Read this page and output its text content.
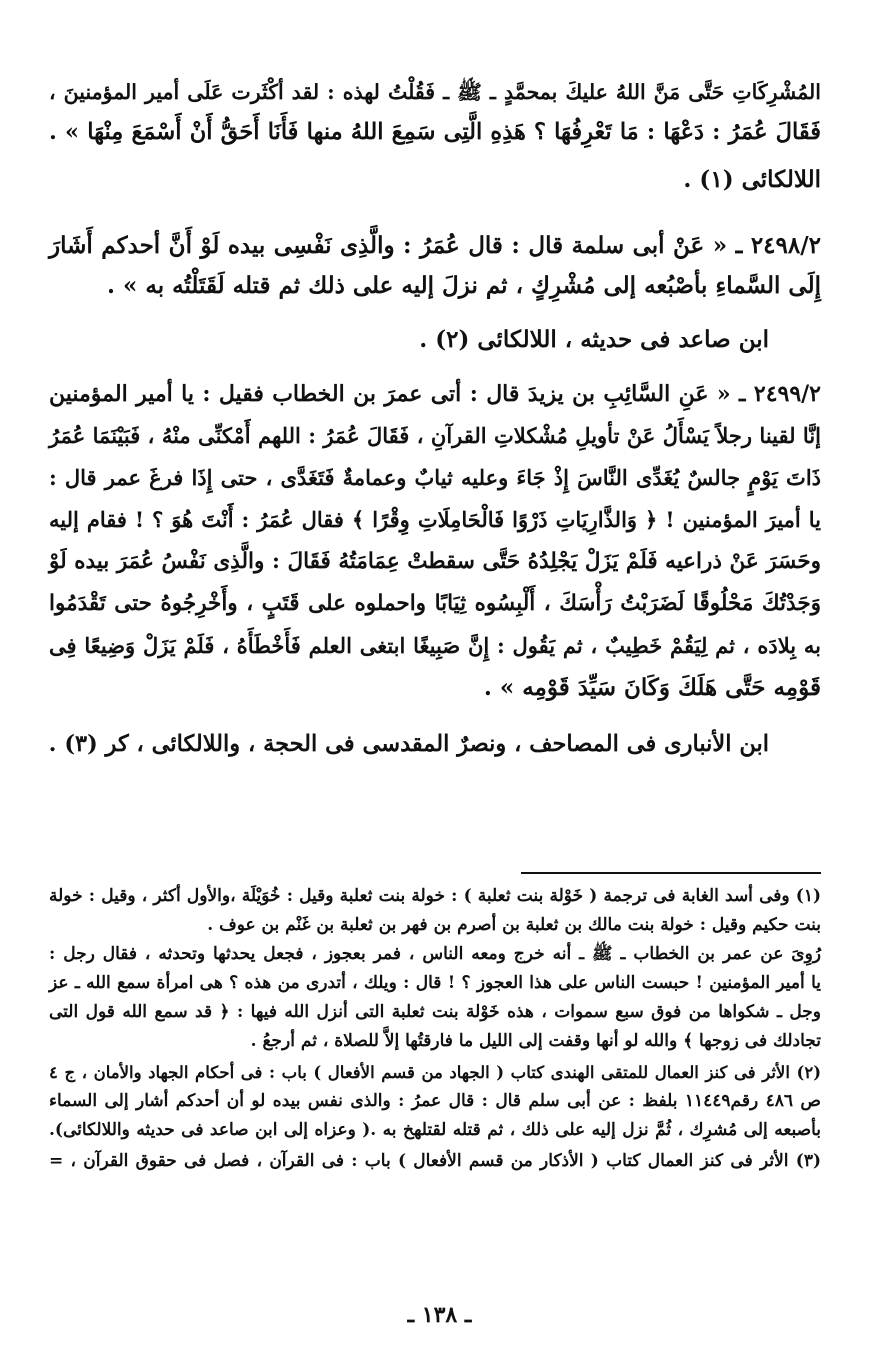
المُشْرِكَاتِ حَتَّى مَنَّ اللهُ عليكَ بمحمَّدٍ ـ ﷺ ـ فَقُلْتُ لهذه : لقد أكْثَرت عَلَى أمير المؤمنينَ ،
فَقَالَ عُمَرُ : دَعْهَا : مَا تَعْرِفُهَا ؟ هَذِهِ الَّتِى سَمِعَ اللهُ منها فَأَنَا أَحَقُّ أَنْ أَسْمَعَ مِنْهَا » .
اللالكائى (١) .
٢٤٩٨/٢ ـ « عَنْ أبى سلمة قال : قال عُمَرُ : والَّذِى نَفْسِى بيده لَوْ أَنَّ أحدكم أَشَارَ
إِلَى السَّماءِ بأصْبُعه إلى مُشْرِكٍ ، ثم نزلَ إليه على ذلك ثم قتله لَقَتَلْتُه به » .
ابن صاعد فى حديثه ، اللالكائى (٢) .
٢٤٩٩/٢ ـ « عَنِ السَّائِبِ بن يزيدَ قال : أتى عمرَ بن الخطاب فقيل : يا أمير المؤمنين
إنَّا لقينا رجلاً يَسْأَلُ عَنْ تأويلِ مُشْكلاتِ القرآنِ ، فَقَالَ عُمَرُ : اللهم أَمْكنِّى منْهُ ، فَبَيْنَمَا عُمَرُ
ذَاتَ يَوْمٍ جالسٌ يُغَدِّى النَّاسَ إِذْ جَاءَ وعليه ثيابٌ وعمامةٌ فَتَغَدَّى ، حتى إِذَا فرغَ عمر قال :
يا أميرَ المؤمنين ! ﴿ وَالذَّارِيَاتِ ذَرْوًا فَالْحَامِلَاتِ وِقْرًا ﴾ فقال عُمَرُ : أَنْتَ هُوَ ؟ ! فقام إليه
وحَسَرَ عَنْ ذراعيه فَلَمْ يَزَلْ يَجْلِدُهُ حَتَّى سقطتْ عِمَامَتُهُ فَقَالَ : والَّذِى نَفْسُ عُمَرَ بيده لَوْ
وَجَدْتُكَ مَحْلُوقًا لَضَرَبْتُ رَأْسَكَ ، أَلْبِسُوه ثِيَابًا واحملوه على قَتَبٍ ، وأَخْرِجُوهُ حتى تَقْدَمُوا
به بِلادَه ، ثم لِيَقُمْ خَطِيبٌ ، ثم يَقُول : إِنَّ صَبِيغًا ابتغى العلم فَأَخْطَأَهُ ، فَلَمْ يَزَلْ وَضِيعًا فِى
قَوْمِه حَتَّى هَلَكَ وَكَانَ سَيِّدَ قَوْمِه » .
ابن الأنبارى فى المصاحف ، ونصرٌ المقدسى فى الحجة ، واللالكائى ، كر (٣) .
(١) وفى أسد الغابة فى ترجمة ( خَوْلة بنت ثعلبة ) : خولة بنت ثعلبة وقيل : خُوَيْلَة ،والأول أكثر ، وقيل : خولة
بنت حكيم وقيل : خولة بنت مالك بن ثعلبة بن أصرم بن فهر بن ثعلبة بن غَنْم بن عوف .
رُوِىَ عن عمر بن الخطاب ـ ﷺ ـ أنه خرج ومعه الناس ، فمر بعجوز ، فجعل يحدثها وتحدثه ، فقال رجل :
يا أمير المؤمنين ! حبست الناس على هذا العجوز ؟ ! قال : ويلك ، أتدرى من هذه ؟ هى امرأة سمع الله ـ عز
وجل ـ شكواها من فوق سبع سموات ، هذه خَوْلة بنت ثعلبة التى أنزل الله فيها : ﴿ قد سمع الله قول التى
تجادلك فى زوجها ﴾ والله لو أنها وقفت إلى الليل ما فارقتُها إلاَّ للصلاة ، ثم أرجعُ .
(٢) الأثر فى كنز العمال للمتقى الهندى كتاب ( الجهاد من قسم الأفعال ) باب : فى أحكام الجهاد والأمان ، ج ٤
ص ٤٨٦ رقم١١٤٤٩ بلفظ : عن أبى سلم قال : قال عمرُ : والذى نفس بيده لو أن أحدكم أشار إلى السماء
بأصبعه إلى مُشرِك ، ثُمَّ نزل إليه على ذلك ، ثم قتله لقتلهخ به .( وعزاه إلى ابن صاعد فى حديثه واللالكائى).
(٣) الأثر فى كنز العمال كتاب ( الأذكار من قسم الأفعال ) باب : فى القرآن ، فصل فى حقوق القرآن ، =
ـ ١٣٨ ـ
